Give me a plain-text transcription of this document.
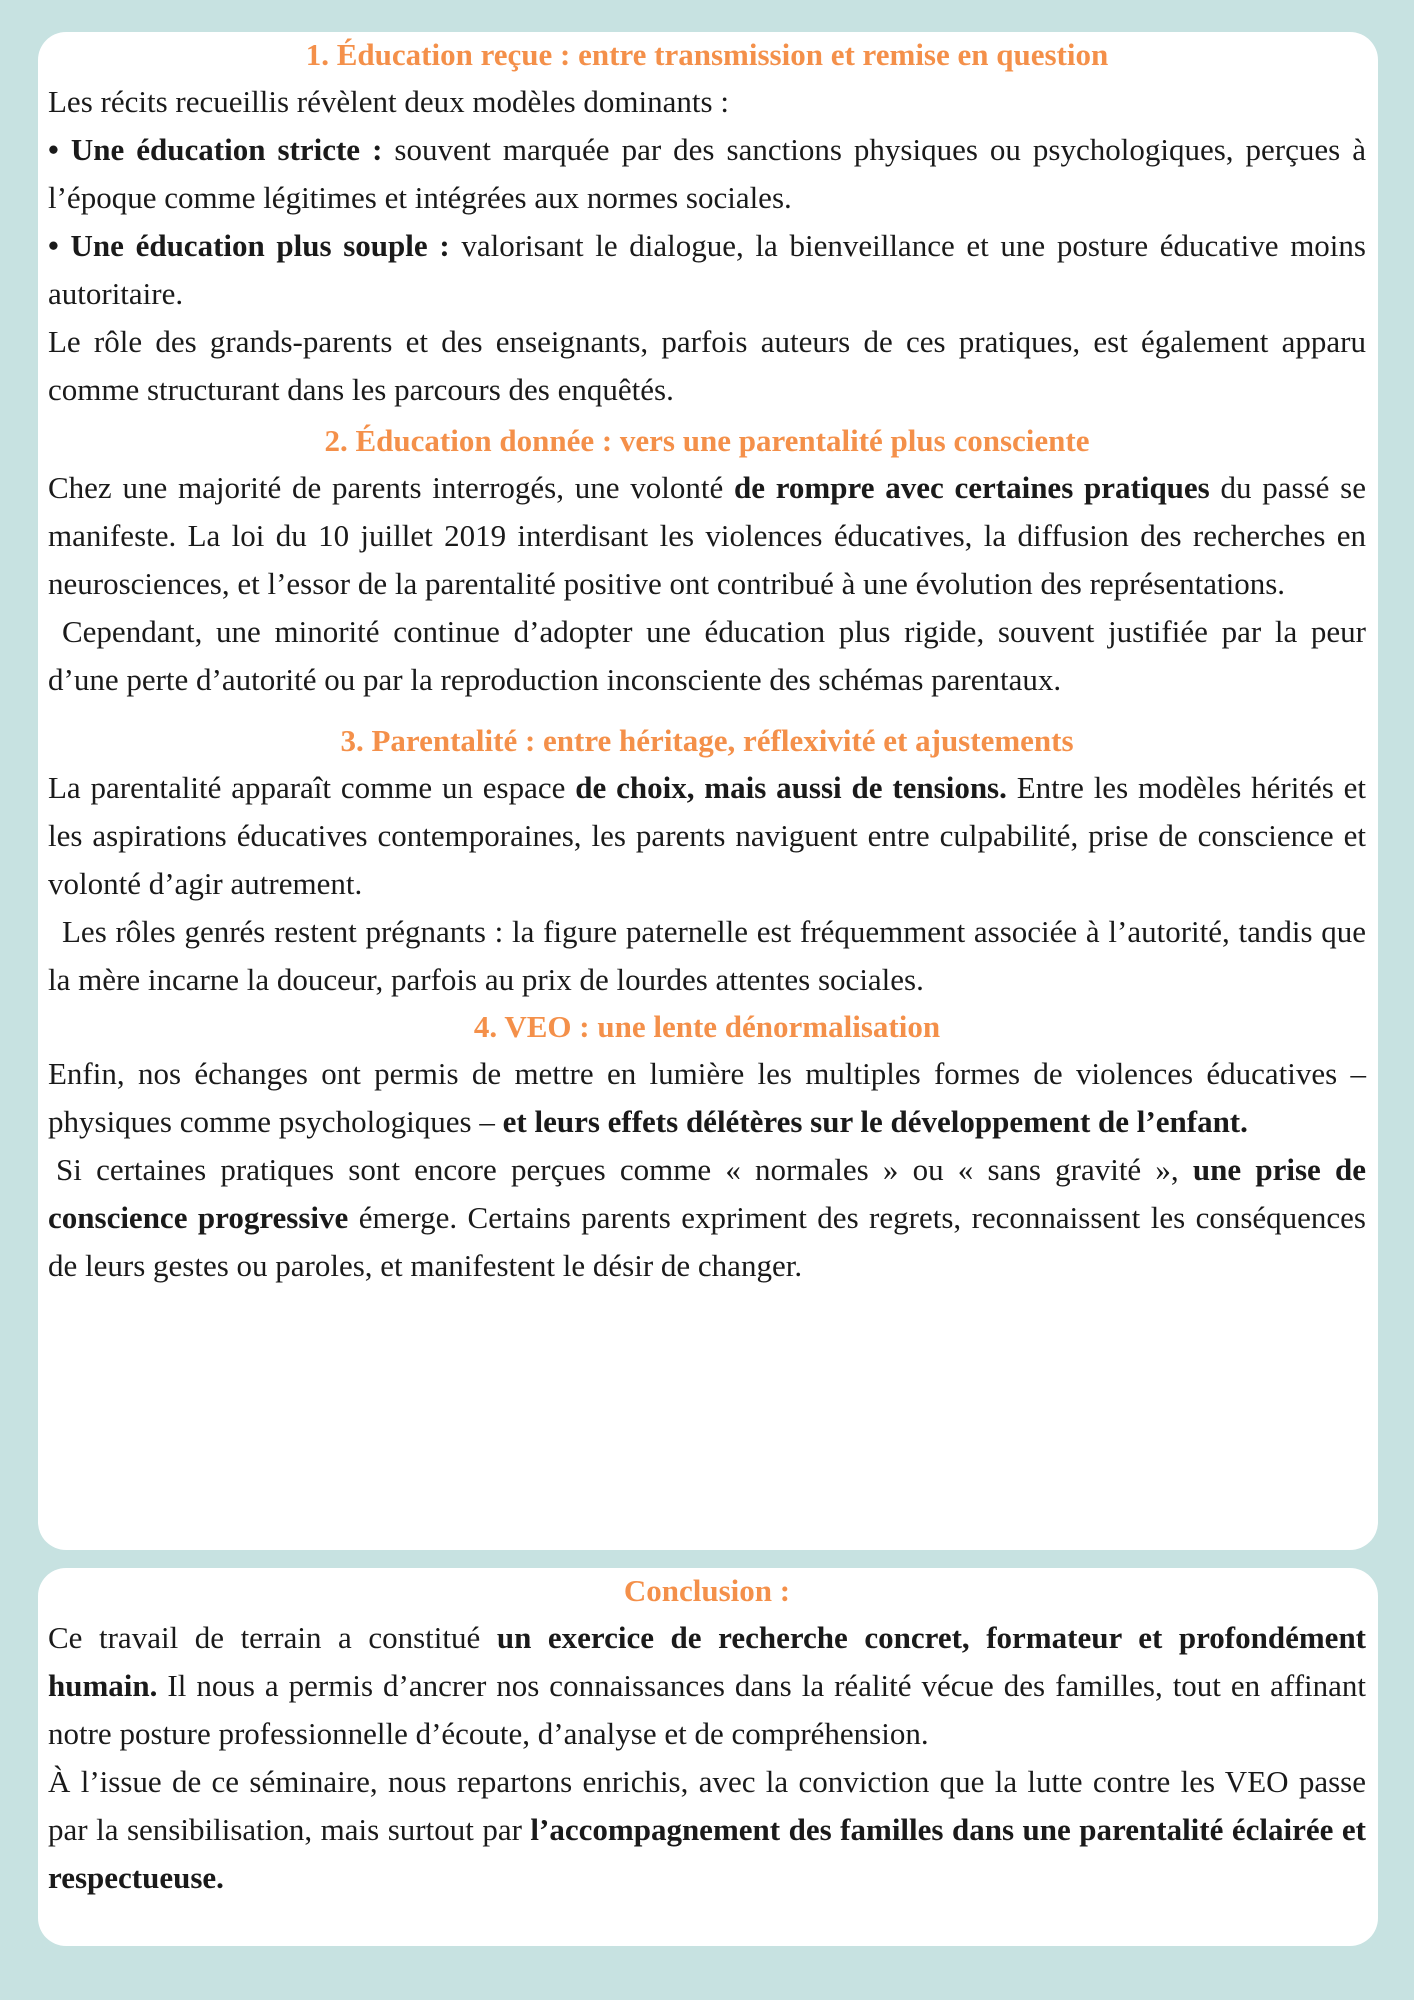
1. Éducation reçue : entre transmission et remise en question

Les récits recueillis révèlent deux modèles dominants :

• Une éducation stricte : souvent marquée par des sanctions physiques ou psychologiques, perçues à l’époque comme légitimes et intégrées aux normes sociales.

• Une éducation plus souple : valorisant le dialogue, la bienveillance et une posture éducative moins autoritaire.

Le rôle des grands-parents et des enseignants, parfois auteurs de ces pratiques, est également apparu comme structurant dans les parcours des enquêtés.

2. Éducation donnée : vers une parentalité plus consciente

Chez une majorité de parents interrogés, une volonté de rompre avec certaines pratiques du passé se manifeste. La loi du 10 juillet 2019 interdisant les violences éducatives, la diffusion des recherches en neurosciences, et l’essor de la parentalité positive ont contribué à une évolution des représentations.

Cependant, une minorité continue d’adopter une éducation plus rigide, souvent justifiée par la peur d’une perte d’autorité ou par la reproduction inconsciente des schémas parentaux.

3. Parentalité : entre héritage, réflexivité et ajustements

La parentalité apparaît comme un espace de choix, mais aussi de tensions. Entre les modèles hérités et les aspirations éducatives contemporaines, les parents naviguent entre culpabilité, prise de conscience et volonté d’agir autrement.

Les rôles genrés restent prégnants : la figure paternelle est fréquemment associée à l’autorité, tandis que la mère incarne la douceur, parfois au prix de lourdes attentes sociales.

4. VEO : une lente dénormalisation

Enfin, nos échanges ont permis de mettre en lumière les multiples formes de violences éducatives – physiques comme psychologiques – et leurs effets délétères sur le développement de l’enfant.

Si certaines pratiques sont encore perçues comme « normales » ou « sans gravité », une prise de conscience progressive émerge. Certains parents expriment des regrets, reconnaissent les conséquences de leurs gestes ou paroles, et manifestent le désir de changer.

Conclusion :

Ce travail de terrain a constitué un exercice de recherche concret, formateur et profondément humain. Il nous a permis d’ancrer nos connaissances dans la réalité vécue des familles, tout en affinant notre posture professionnelle d’écoute, d’analyse et de compréhension.

À l’issue de ce séminaire, nous repartons enrichis, avec la conviction que la lutte contre les VEO passe par la sensibilisation, mais surtout par l’accompagnement des familles dans une parentalité éclairée et respectueuse.
